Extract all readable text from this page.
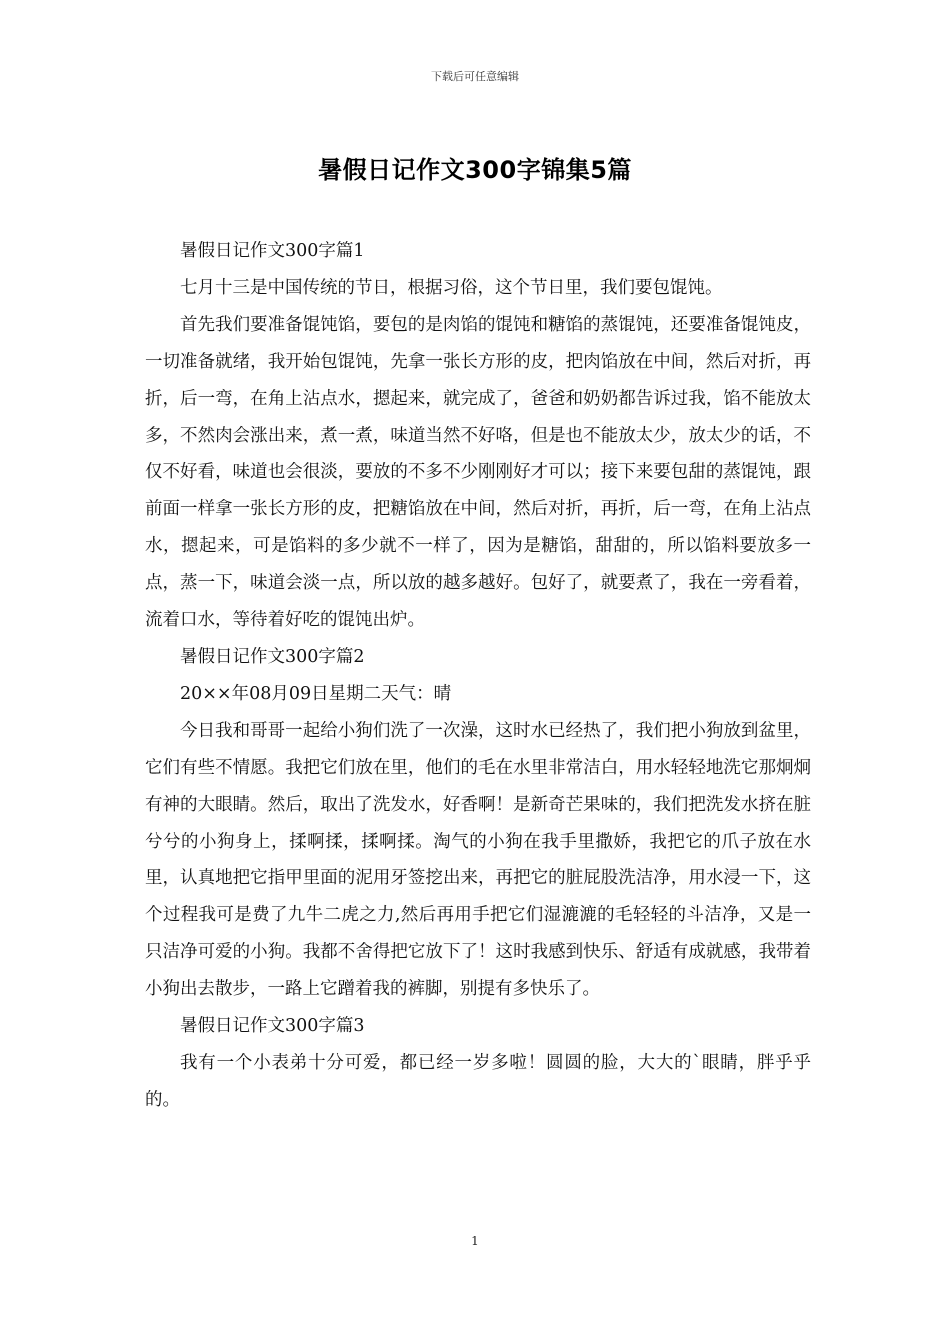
下载后可任意编辑
暑假日记作文300字锦集5篇

暑假日记作文300字篇1

七月十三是中国传统的节日，根据习俗，这个节日里，我们要包馄饨。

首先我们要准备馄饨馅，要包的是肉馅的馄饨和糖馅的蒸馄饨，还要准备馄饨皮，一切准备就绪，我开始包馄饨，先拿一张长方形的皮，把肉馅放在中间，然后对折，再折，后一弯，在角上沾点水，摁起来，就完成了，爸爸和奶奶都告诉过我，馅不能放太多，不然肉会涨出来，煮一煮，味道当然不好咯，但是也不能放太少，放太少的话，不仅不好看，味道也会很淡，要放的不多不少刚刚好才可以；接下来要包甜的蒸馄饨，跟前面一样拿一张长方形的皮，把糖馅放在中间，然后对折，再折，后一弯，在角上沾点水，摁起来，可是馅料的多少就不一样了，因为是糖馅，甜甜的，所以馅料要放多一点，蒸一下，味道会淡一点，所以放的越多越好。包好了，就要煮了，我在一旁看着，流着口水，等待着好吃的馄饨出炉。

暑假日记作文300字篇2

20××年08月09日星期二天气：晴

今日我和哥哥一起给小狗们洗了一次澡，这时水已经热了，我们把小狗放到盆里，它们有些不情愿。我把它们放在里，他们的毛在水里非常洁白，用水轻轻地洗它那炯炯有神的大眼睛。然后，取出了洗发水，好香啊！是新奇芒果味的，我们把洗发水挤在脏兮兮的小狗身上，揉啊揉，揉啊揉。淘气的小狗在我手里撒娇，我把它的爪子放在水里，认真地把它指甲里面的泥用牙签挖出来，再把它的脏屁股洗洁净，用水浸一下，这个过程我可是费了九牛二虎之力,然后再用手把它们湿漉漉的毛轻轻的斗洁净，又是一只洁净可爱的小狗。我都不舍得把它放下了！这时我感到快乐、舒适有成就感，我带着小狗出去散步，一路上它蹭着我的裤脚，别提有多快乐了。

暑假日记作文300字篇3

我有一个小表弟十分可爱，都已经一岁多啦！圆圆的脸，大大的`眼睛，胖乎乎的。

1
